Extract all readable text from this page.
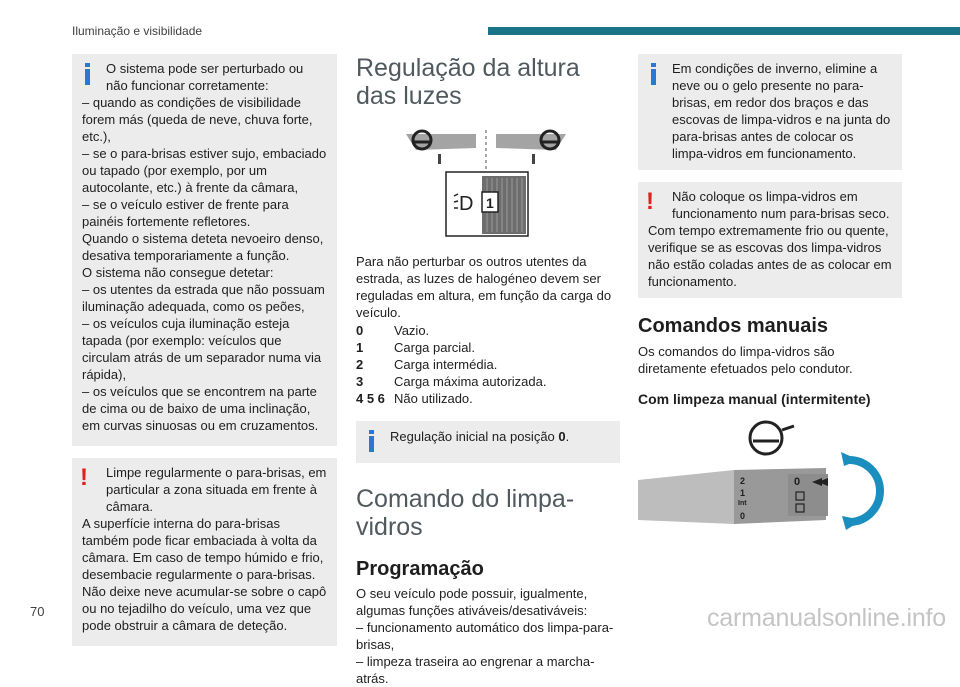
Iluminação e visibilidade
O sistema pode ser perturbado ou não funcionar corretamente:
– quando as condições de visibilidade forem más (queda de neve, chuva forte, etc.),
– se o para-brisas estiver sujo, embaciado ou tapado (por exemplo, por um autocolante, etc.) à frente da câmara,
– se o veículo estiver de frente para painéis fortemente refletores.
Quando o sistema deteta nevoeiro denso, desativa temporariamente a função.
O sistema não consegue detetar:
– os utentes da estrada que não possuam iluminação adequada, como os peões,
– os veículos cuja iluminação esteja tapada (por exemplo: veículos que circulam atrás de um separador numa via rápida),
– os veículos que se encontrem na parte de cima ou de baixo de uma inclinação, em curvas sinuosas ou em cruzamentos.
!	Limpe regularmente o para-brisas, em particular a zona situada em frente à câmara.
A superfície interna do para-brisas também pode ficar embaciada à volta da câmara. Em caso de tempo húmido e frio, desembacie regularmente o para-brisas.
Não deixe neve acumular-se sobre o capô ou no tejadilho do veículo, uma vez que pode obstruir a câmara de deteção.
Regulação da altura das luzes
D 1
Para não perturbar os outros utentes da estrada, as luzes de halogéneo devem ser reguladas em altura, em função da carga do veículo.
0	Vazio.
1	Carga parcial.
2	Carga intermédia.
3	Carga máxima autorizada.
4 5 6 Não utilizado.
Regulação inicial na posição 0.
Comando do limpa-vidros
Programação
O seu veículo pode possuir, igualmente, algumas funções ativáveis/desativáveis:
– funcionamento automático dos limpa-para-brisas,
– limpeza traseira ao engrenar a marcha-atrás.
Em condições de inverno, elimine a neve ou o gelo presente no para-brisas, em redor dos braços e das escovas de limpa-vidros e na junta do para-brisas antes de colocar os limpa-vidros em funcionamento.
!	Não coloque os limpa-vidros em funcionamento num para-brisas seco.
Com tempo extremamente frio ou quente, verifique se as escovas dos limpa-vidros não estão coladas antes de as colocar em funcionamento.
Comandos manuais
Os comandos do limpa-vidros são diretamente efetuados pelo condutor.
Com limpeza manual (intermitente)
2
1
Int
0
0
70	carmanualsonline.info
